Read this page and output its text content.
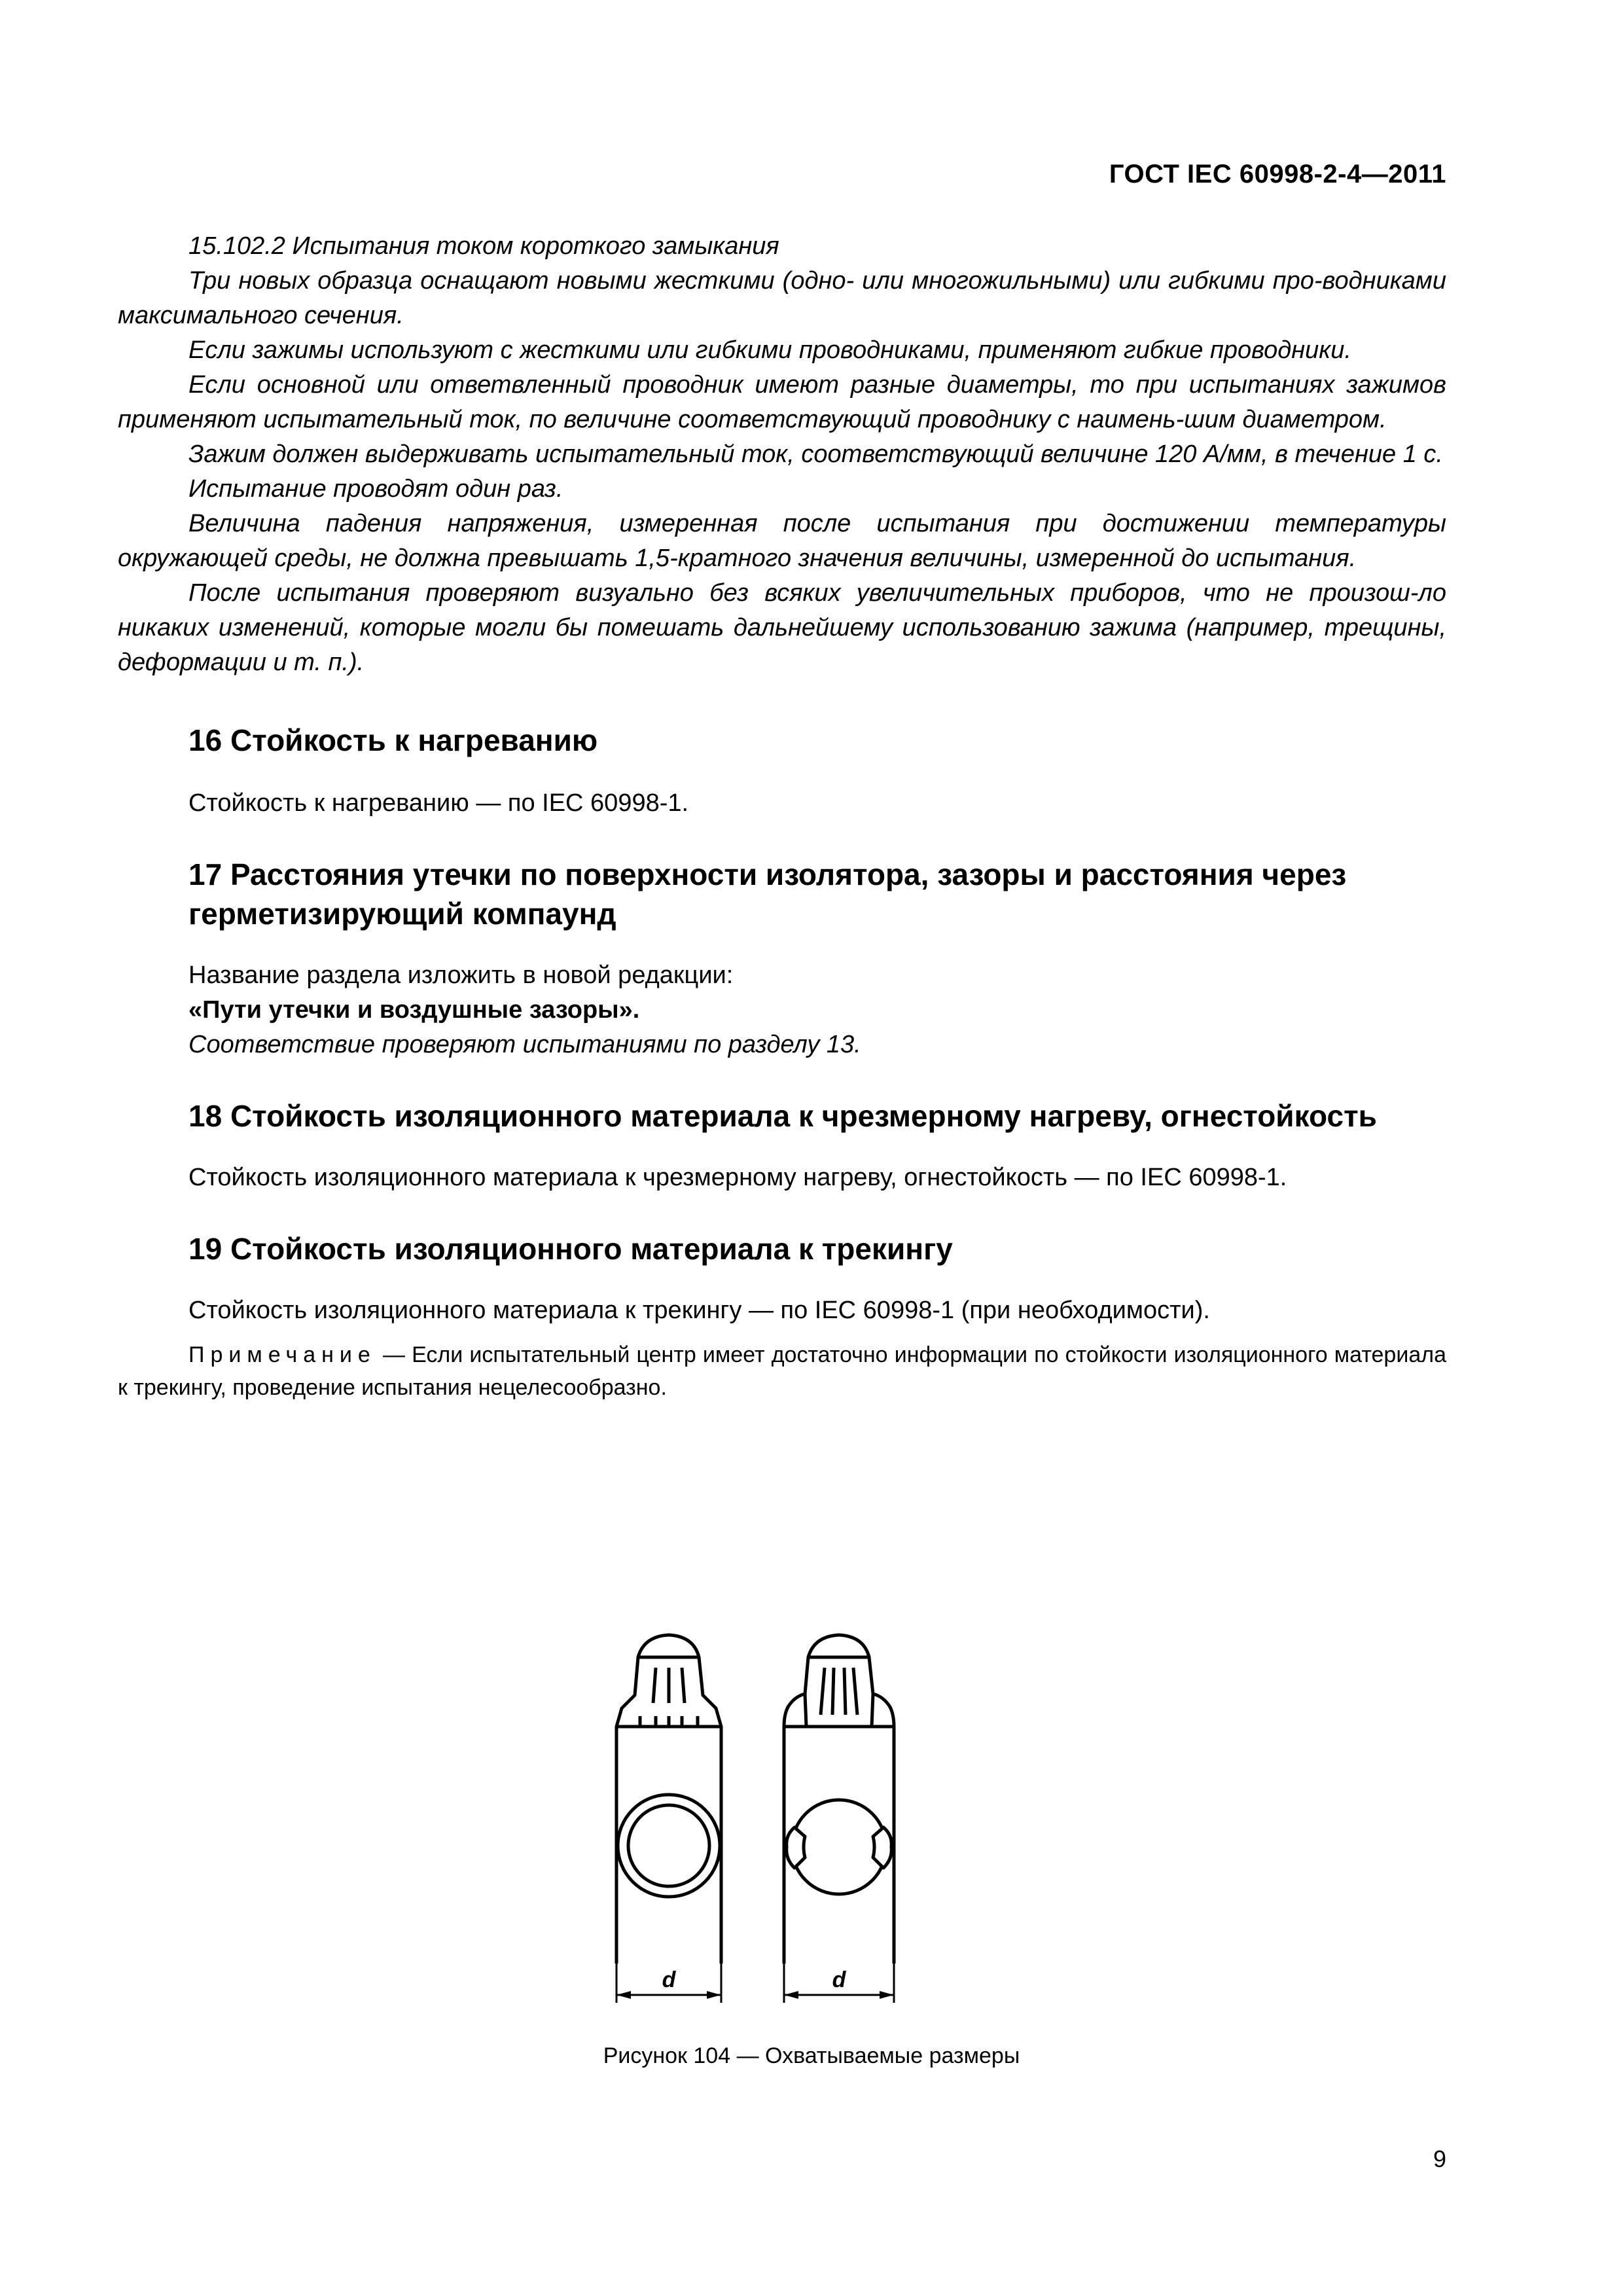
ГОСТ IEC 60998-2-4—2011

15.102.2 Испытания током короткого замыкания

Три новых образца оснащают новыми жесткими (одно- или многожильными) или гибкими про-водниками максимального сечения.

Если зажимы используют с жесткими или гибкими проводниками, применяют гибкие проводники.

Если основной или ответвленный проводник имеют разные диаметры, то при испытаниях зажимов применяют испытательный ток, по величине соответствующий проводнику с наимень-шим диаметром.

Зажим должен выдерживать испытательный ток, соответствующий величине 120 А/мм, в течение 1 с.

Испытание проводят один раз.

Величина падения напряжения, измеренная после испытания при достижении температуры окружающей среды, не должна превышать 1,5-кратного значения величины, измеренной до испытания.

После испытания проверяют визуально без всяких увеличительных приборов, что не произош-ло никаких изменений, которые могли бы помешать дальнейшему использованию зажима (например, трещины, деформации и т. п.).

16 Стойкость к нагреванию

Стойкость к нагреванию — по IEC 60998-1.

17 Расстояния утечки по поверхности изолятора, зазоры и расстояния через герметизирующий компаунд

Название раздела изложить в новой редакции:

«Пути утечки и воздушные зазоры».

Соответствие проверяют испытаниями по разделу 13.

18 Стойкость изоляционного материала к чрезмерному нагреву, огнестойкость

Стойкость изоляционного материала к чрезмерному нагреву, огнестойкость — по IEC 60998-1.

19 Стойкость изоляционного материала к трекингу

Стойкость изоляционного материала к трекингу — по IEC 60998-1 (при необходимости).

Примечание — Если испытательный центр имеет достаточно информации по стойкости изоляционного материала к трекингу, проведение испытания нецелесообразно.

d	d
Рисунок 104 — Охватываемые размеры
9
